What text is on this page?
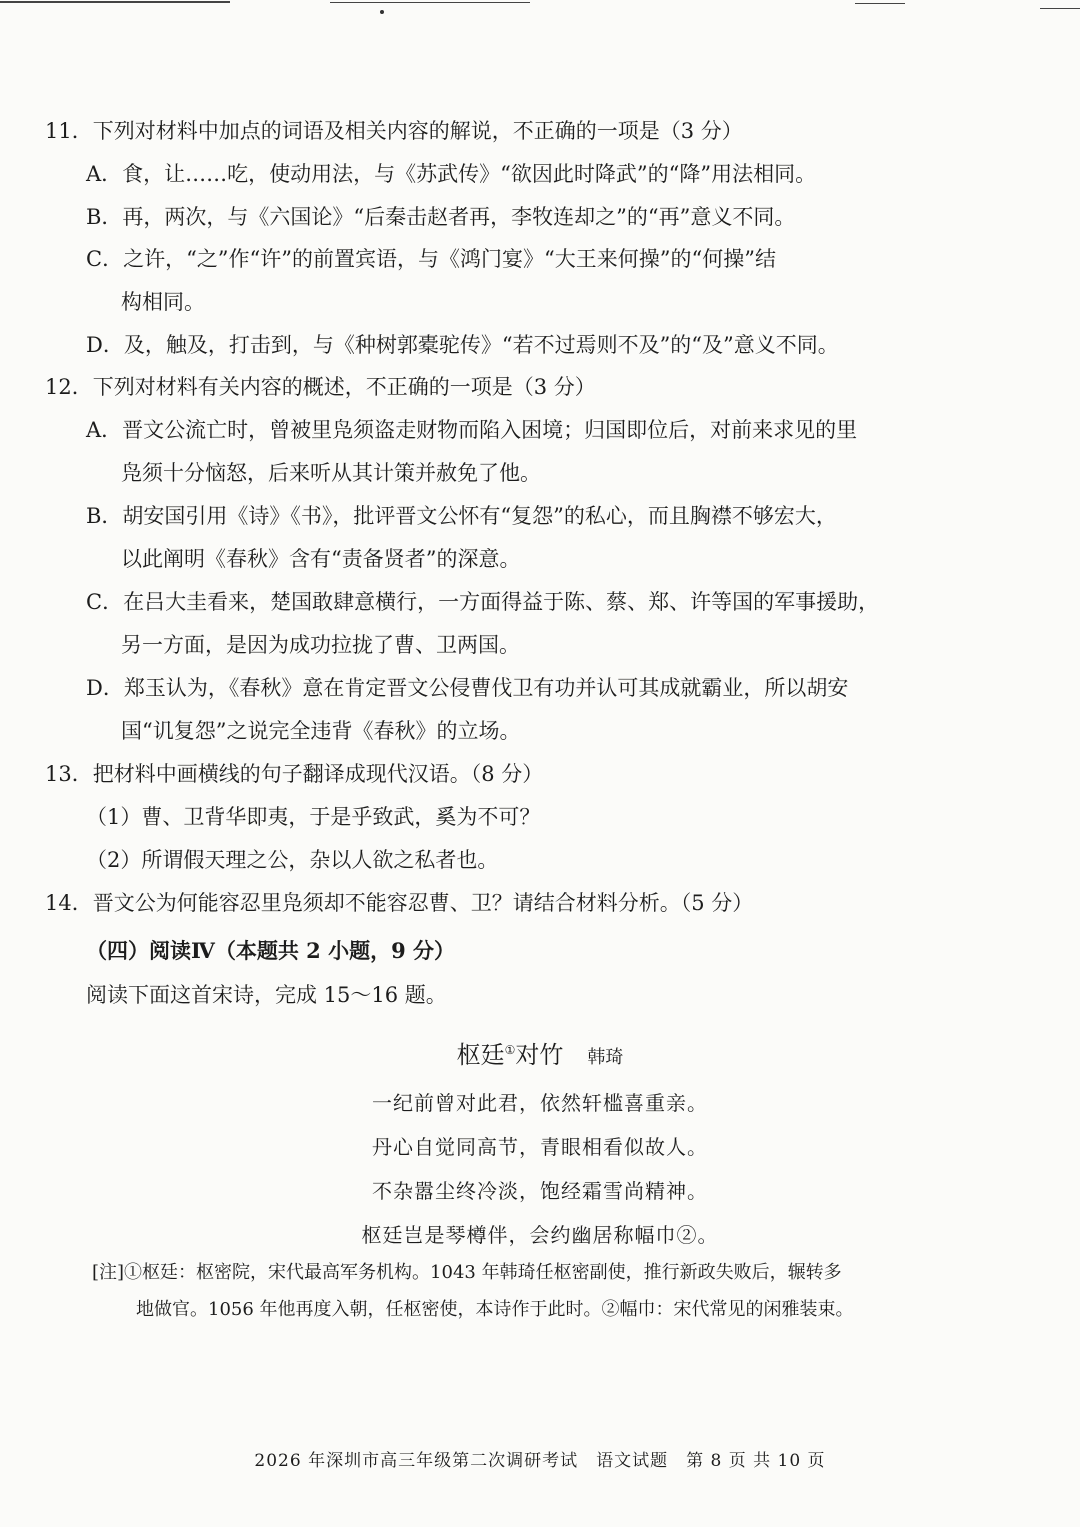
11．下列对材料中加点的词语及相关内容的解说，不正确的一项是（3 分）
A．食，让……吃，使动用法，与《苏武传》“欲因此时降武”的“降”用法相同。
B．再，两次，与《六国论》“后秦击赵者再，李牧连却之”的“再”意义不同。
C．之许，“之”作“许”的前置宾语，与《鸿门宴》“大王来何操”的“何操”结
构相同。
D．及，触及，打击到，与《种树郭橐驼传》“若不过焉则不及”的“及”意义不同。
12．下列对材料有关内容的概述，不正确的一项是（3 分）
A．晋文公流亡时，曾被里凫须盗走财物而陷入困境；归国即位后，对前来求见的里
凫须十分恼怒，后来听从其计策并赦免了他。
B．胡安国引用《诗》《书》，批评晋文公怀有“复怨”的私心，而且胸襟不够宏大，
以此阐明《春秋》含有“责备贤者”的深意。
C．在吕大圭看来，楚国敢肆意横行，一方面得益于陈、蔡、郑、许等国的军事援助，
另一方面，是因为成功拉拢了曹、卫两国。
D．郑玉认为，《春秋》意在肯定晋文公侵曹伐卫有功并认可其成就霸业，所以胡安
国“讥复怨”之说完全违背《春秋》的立场。
13．把材料中画横线的句子翻译成现代汉语。（8 分）
（1）曹、卫背华即夷，于是乎致武，奚为不可？
（2）所谓假天理之公，杂以人欲之私者也。
14．晋文公为何能容忍里凫须却不能容忍曹、卫？请结合材料分析。（5 分）
（四）阅读Ⅳ（本题共 2 小题，9 分）
阅读下面这首宋诗，完成 15～16 题。
枢廷①对竹 韩琦
一纪前曾对此君，依然轩槛喜重亲。
丹心自觉同高节，青眼相看似故人。
不杂嚣尘终冷淡，饱经霜雪尚精神。
枢廷岂是琴樽伴，会约幽居称幅巾②。
[注]①枢廷：枢密院，宋代最高军务机构。1043 年韩琦任枢密副使，推行新政失败后，辗转多
地做官。1056 年他再度入朝，任枢密使，本诗作于此时。②幅巾：宋代常见的闲雅装束。
2026 年深圳市高三年级第二次调研考试　语文试题　第 8 页 共 10 页
